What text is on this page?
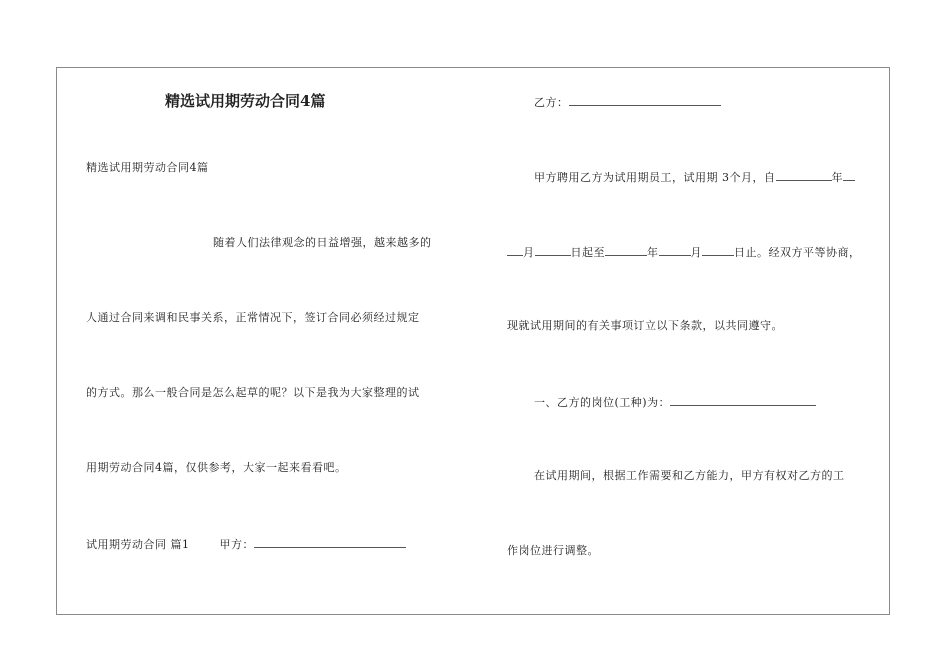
精选试用期劳动合同4篇
精选试用期劳动合同4篇
随着人们法律观念的日益增强，越来越多的
人通过合同来调和民事关系，正常情况下，签订合同必须经过规定
的方式。那么一般合同是怎么起草的呢？以下是我为大家整理的试
用期劳动合同4篇，仅供参考，大家一起来看看吧。
试用期劳动合同 篇1	甲方：
乙方：
甲方聘用乙方为试用期员工，试用期 3个月，自	年
月	日起至	年	月	日止。经双方平等协商，
现就试用期间的有关事项订立以下条款，以共同遵守。
一、乙方的岗位(工种)为：
在试用期间，根据工作需要和乙方能力，甲方有权对乙方的工
作岗位进行调整。
